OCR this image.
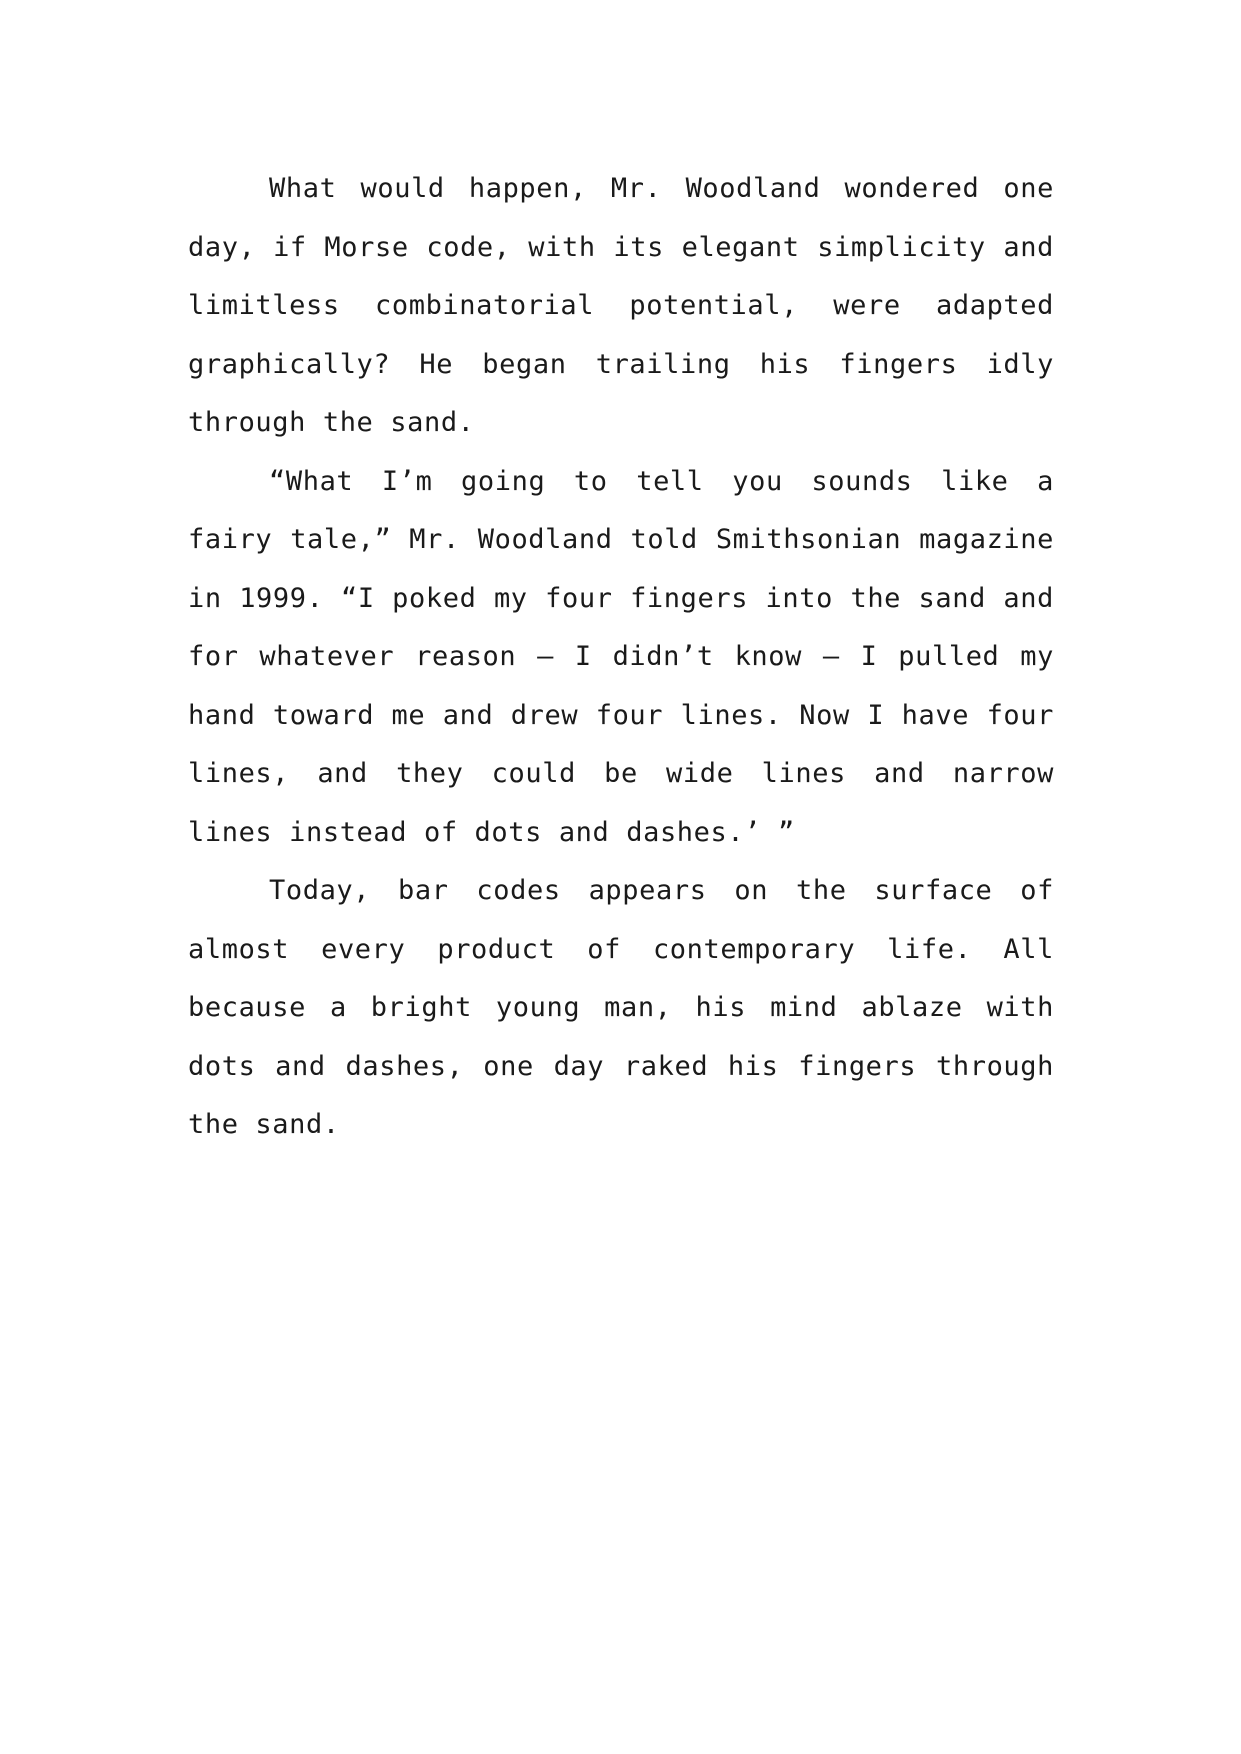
What would happen, Mr. Woodland wondered one day, if Morse code, with its elegant simplicity and limitless combinatorial potential, were adapted graphically? He began trailing his fingers idly through the sand.

“What I’m going to tell you sounds like a fairy tale,” Mr. Woodland told Smithsonian magazine in 1999. “I poked my four fingers into the sand and for whatever reason — I didn’t know — I pulled my hand toward me and drew four lines. Now I have four lines, and they could be wide lines and narrow lines instead of dots and dashes.’ ”

Today, bar codes appears on the surface of almost every product of contemporary life. All because a bright young man, his mind ablaze with dots and dashes, one day raked his fingers through the sand.
